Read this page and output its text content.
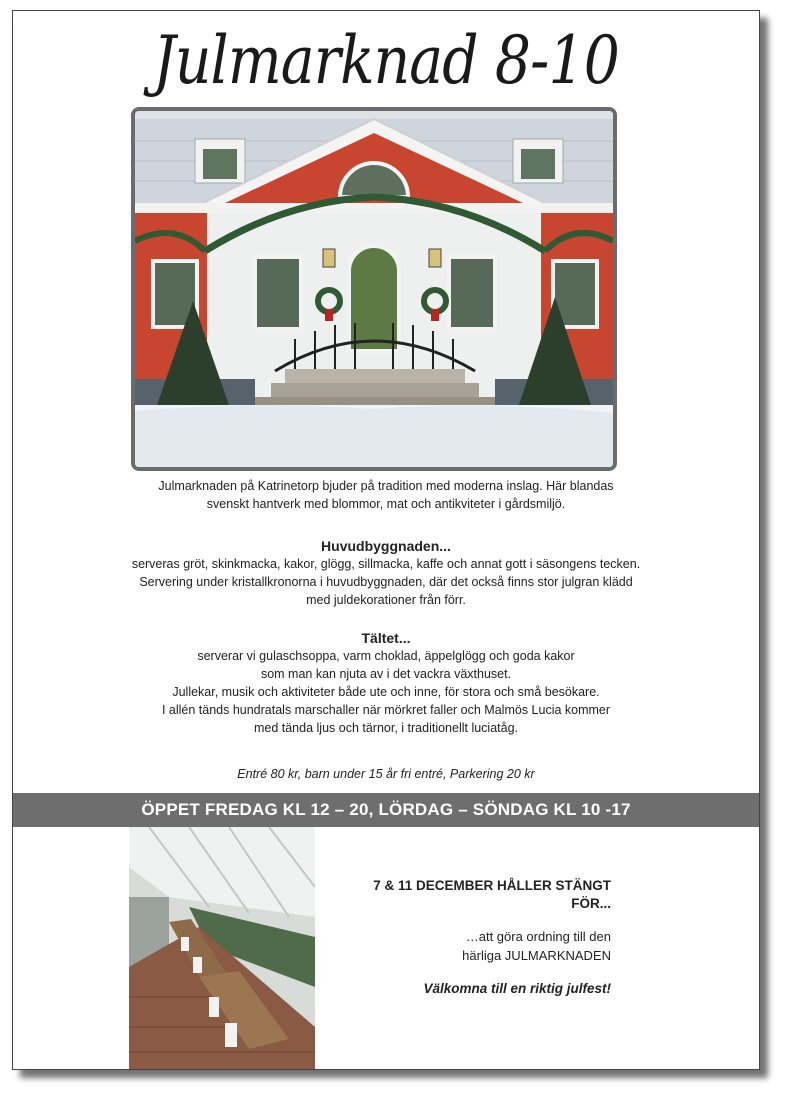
Julmarknad 8-10
Julmarknaden på Katrinetorp bjuder på tradition med moderna inslag. Här blandas
svenskt hantverk med blommor, mat och antikviteter i gårdsmiljö.
Huvudbyggnaden...
serveras gröt, skinkmacka, kakor, glögg, sillmacka, kaffe och annat gott i säsongens tecken.
Servering under kristallkronorna i huvudbyggnaden, där det också finns stor julgran klädd
med juldekorationer från förr.
Tältet...
serverar vi gulaschsoppa, varm choklad, äppelglögg och goda kakor
som man kan njuta av i det vackra växthuset.
Jullekar, musik och aktiviteter både ute och inne, för stora och små besökare.
I allén tänds hundratals marschaller när mörkret faller och Malmös Lucia kommer
med tända ljus och tärnor, i traditionellt luciatåg.
Entré 80 kr, barn under 15 år fri entré, Parkering 20 kr
ÖPPET FREDAG KL 12 – 20, LÖRDAG – SÖNDAG KL 10 -17
7 & 11 DECEMBER HÅLLER STÄNGT FÖR...
…att göra ordning till den
härliga JULMARKNADEN
Välkomna till en riktig julfest!
